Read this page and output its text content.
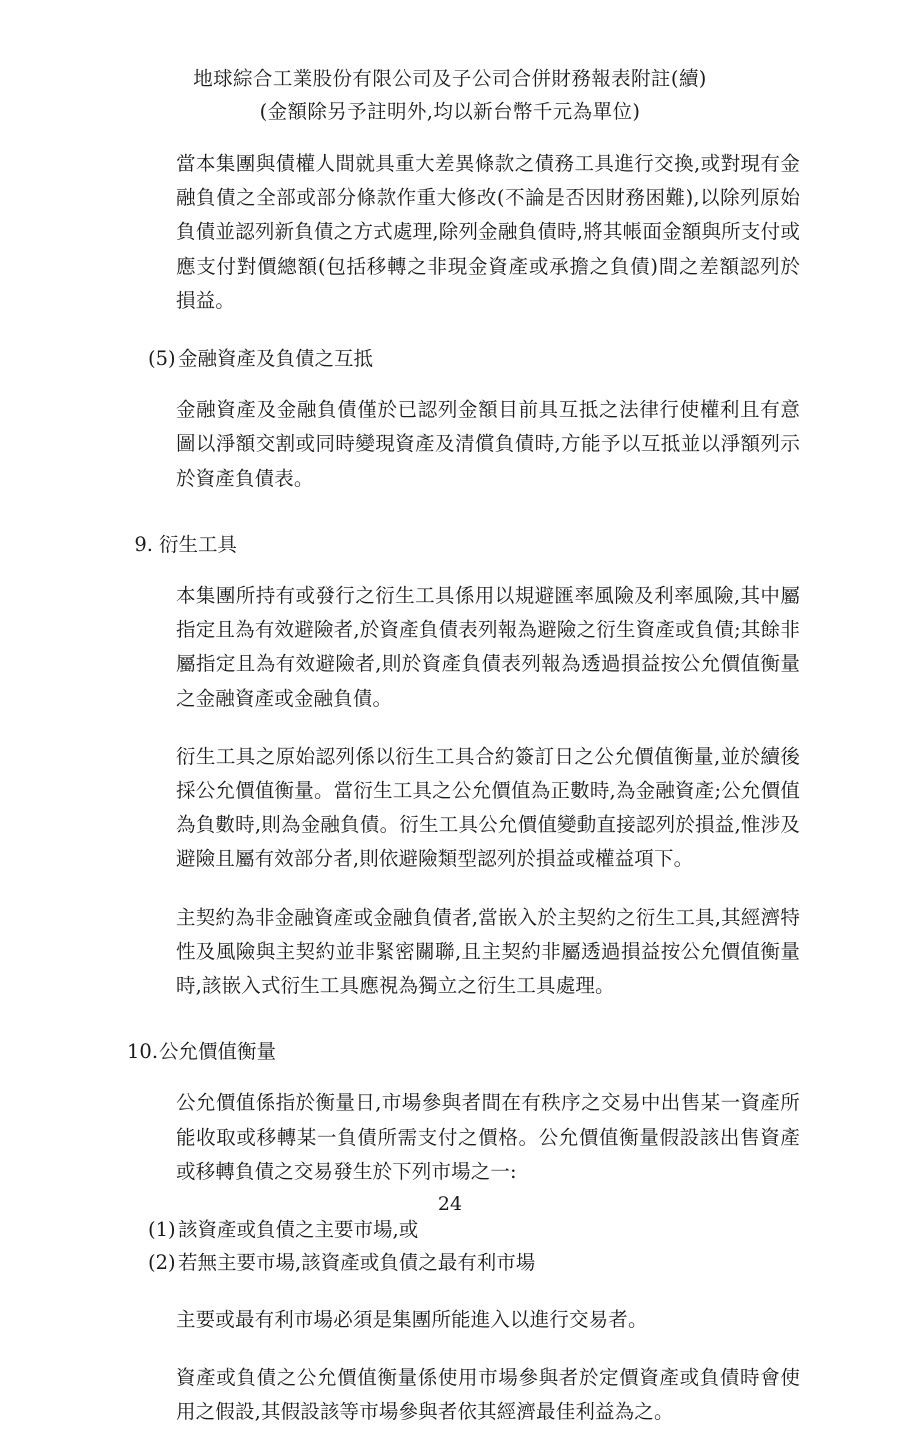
地球綜合工業股份有限公司及子公司合併財務報表附註(續)
(金額除另予註明外,均以新台幣千元為單位)

當本集團與債權人間就具重大差異條款之債務工具進行交換,或對現有金融負債之全部或部分條款作重大修改(不論是否因財務困難),以除列原始負債並認列新負債之方式處理,除列金融負債時,將其帳面金額與所支付或應支付對價總額(包括移轉之非現金資產或承擔之負債)間之差額認列於損益。

(5) 金融資產及負債之互抵

金融資產及金融負債僅於已認列金額目前具互抵之法律行使權利且有意圖以淨額交割或同時變現資產及清償負債時,方能予以互抵並以淨額列示於資產負債表。

9. 衍生工具

本集團所持有或發行之衍生工具係用以規避匯率風險及利率風險,其中屬指定且為有效避險者,於資產負債表列報為避險之衍生資產或負債;其餘非屬指定且為有效避險者,則於資產負債表列報為透過損益按公允價值衡量之金融資產或金融負債。

衍生工具之原始認列係以衍生工具合約簽訂日之公允價值衡量,並於續後採公允價值衡量。當衍生工具之公允價值為正數時,為金融資產;公允價值為負數時,則為金融負債。衍生工具公允價值變動直接認列於損益,惟涉及避險且屬有效部分者,則依避險類型認列於損益或權益項下。

主契約為非金融資產或金融負債者,當嵌入於主契約之衍生工具,其經濟特性及風險與主契約並非緊密關聯,且主契約非屬透過損益按公允價值衡量時,該嵌入式衍生工具應視為獨立之衍生工具處理。

10.公允價值衡量

公允價值係指於衡量日,市場參與者間在有秩序之交易中出售某一資產所能收取或移轉某一負債所需支付之價格。公允價值衡量假設該出售資產或移轉負債之交易發生於下列市場之一:

(1) 該資產或負債之主要市場,或
(2) 若無主要市場,該資產或負債之最有利市場

主要或最有利市場必須是集團所能進入以進行交易者。

資產或負債之公允價值衡量係使用市場參與者於定價資產或負債時會使用之假設,其假設該等市場參與者依其經濟最佳利益為之。

24
